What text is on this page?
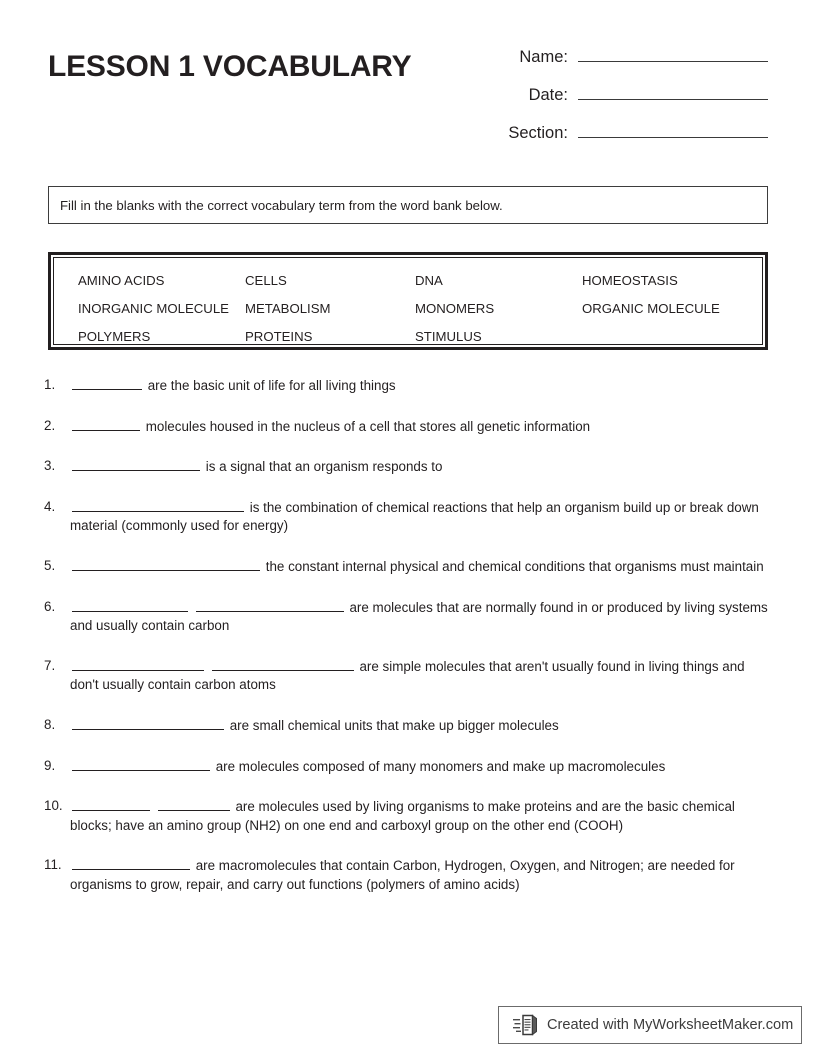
LESSON 1 VOCABULARY	Name:
Date:
Section:
Fill in the blanks with the correct vocabulary term from the word bank below.
AMINO ACIDS	CELLS	DNA	HOMEOSTASIS
INORGANIC MOLECULE	METABOLISM	MONOMERS	ORGANIC MOLECULE
POLYMERS	PROTEINS	STIMULUS
1.	are the basic unit of life for all living things
2.	molecules housed in the nucleus of a cell that stores all genetic information
3.	is a signal that an organism responds to
4.	is the combination of chemical reactions that help an organism build up or break down material (commonly used for energy)
5.	the constant internal physical and chemical conditions that organisms must maintain
6.	are molecules that are normally found in or produced by living systems and usually contain carbon
7.	are simple molecules that aren't usually found in living things and don't usually contain carbon atoms
8.	are small chemical units that make up bigger molecules
9.	are molecules composed of many monomers and make up macromolecules
10.	are molecules used by living organisms to make proteins and are the basic chemical blocks; have an amino group (NH2) on one end and carboxyl group on the other end (COOH)
11.	are macromolecules that contain Carbon, Hydrogen, Oxygen, and Nitrogen; are needed for organisms to grow, repair, and carry out functions (polymers of amino acids)
Created with MyWorksheetMaker.com
